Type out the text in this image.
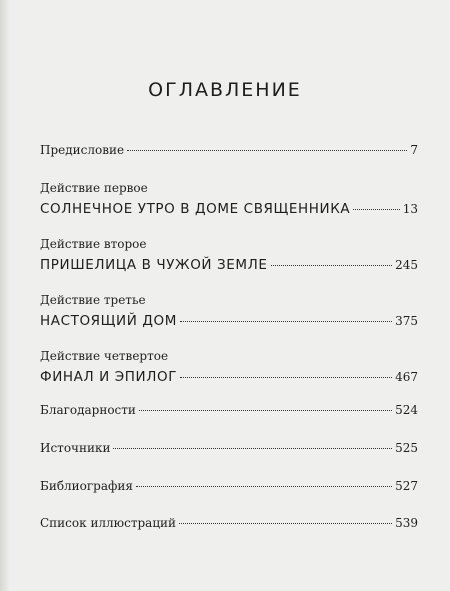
ОГЛАВЛЕНИЕ
Предисловие	7
Действие первое
СОЛНЕЧНОЕ УТРО В ДОМЕ СВЯЩЕННИКА	13
Действие второе
ПРИШЕЛИЦА В ЧУЖОЙ ЗЕМЛЕ	245
Действие третье
НАСТОЯЩИЙ ДОМ	375
Действие четвертое
ФИНАЛ И ЭПИЛОГ	467
Благодарности	524
Источники	525
Библиография	527
Список иллюстраций	539
